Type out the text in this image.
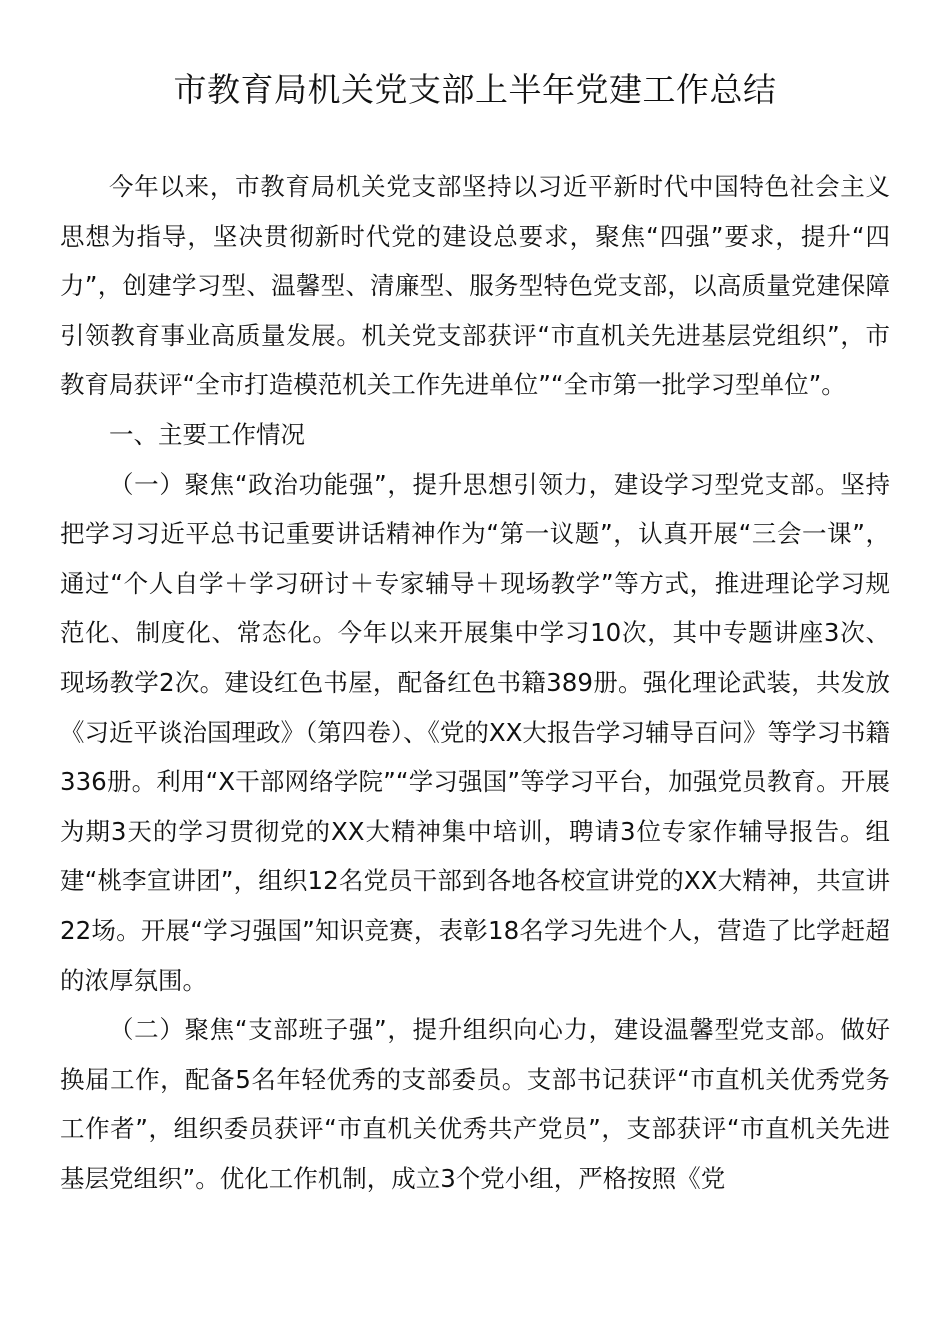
市教育局机关党支部上半年党建工作总结

今年以来，市教育局机关党支部坚持以习近平新时代中国特色社会主义思想为指导，坚决贯彻新时代党的建设总要求，聚焦“四强”要求，提升“四力”，创建学习型、温馨型、清廉型、服务型特色党支部，以高质量党建保障引领教育事业高质量发展。机关党支部获评“市直机关先进基层党组织”，市教育局获评“全市打造模范机关工作先进单位”“全市第一批学习型单位”。

一、主要工作情况

（一）聚焦“政治功能强”，提升思想引领力，建设学习型党支部。坚持把学习习近平总书记重要讲话精神作为“第一议题”，认真开展“三会一课”，通过“个人自学＋学习研讨＋专家辅导＋现场教学”等方式，推进理论学习规范化、制度化、常态化。今年以来开展集中学习10次，其中专题讲座3次、现场教学2次。建设红色书屋，配备红色书籍389册。强化理论武装，共发放《习近平谈治国理政》（第四卷）、《党的XX大报告学习辅导百问》等学习书籍336册。利用“X干部网络学院”“学习强国”等学习平台，加强党员教育。开展为期3天的学习贯彻党的XX大精神集中培训，聘请3位专家作辅导报告。组建“桃李宣讲团”，组织12名党员干部到各地各校宣讲党的XX大精神，共宣讲22场。开展“学习强国”知识竞赛，表彰18名学习先进个人，营造了比学赶超的浓厚氛围。

（二）聚焦“支部班子强”，提升组织向心力，建设温馨型党支部。做好换届工作，配备5名年轻优秀的支部委员。支部书记获评“市直机关优秀党务工作者”，组织委员获评“市直机关优秀共产党员”，支部获评“市直机关先进基层党组织”。优化工作机制，成立3个党小组，严格按照《党
